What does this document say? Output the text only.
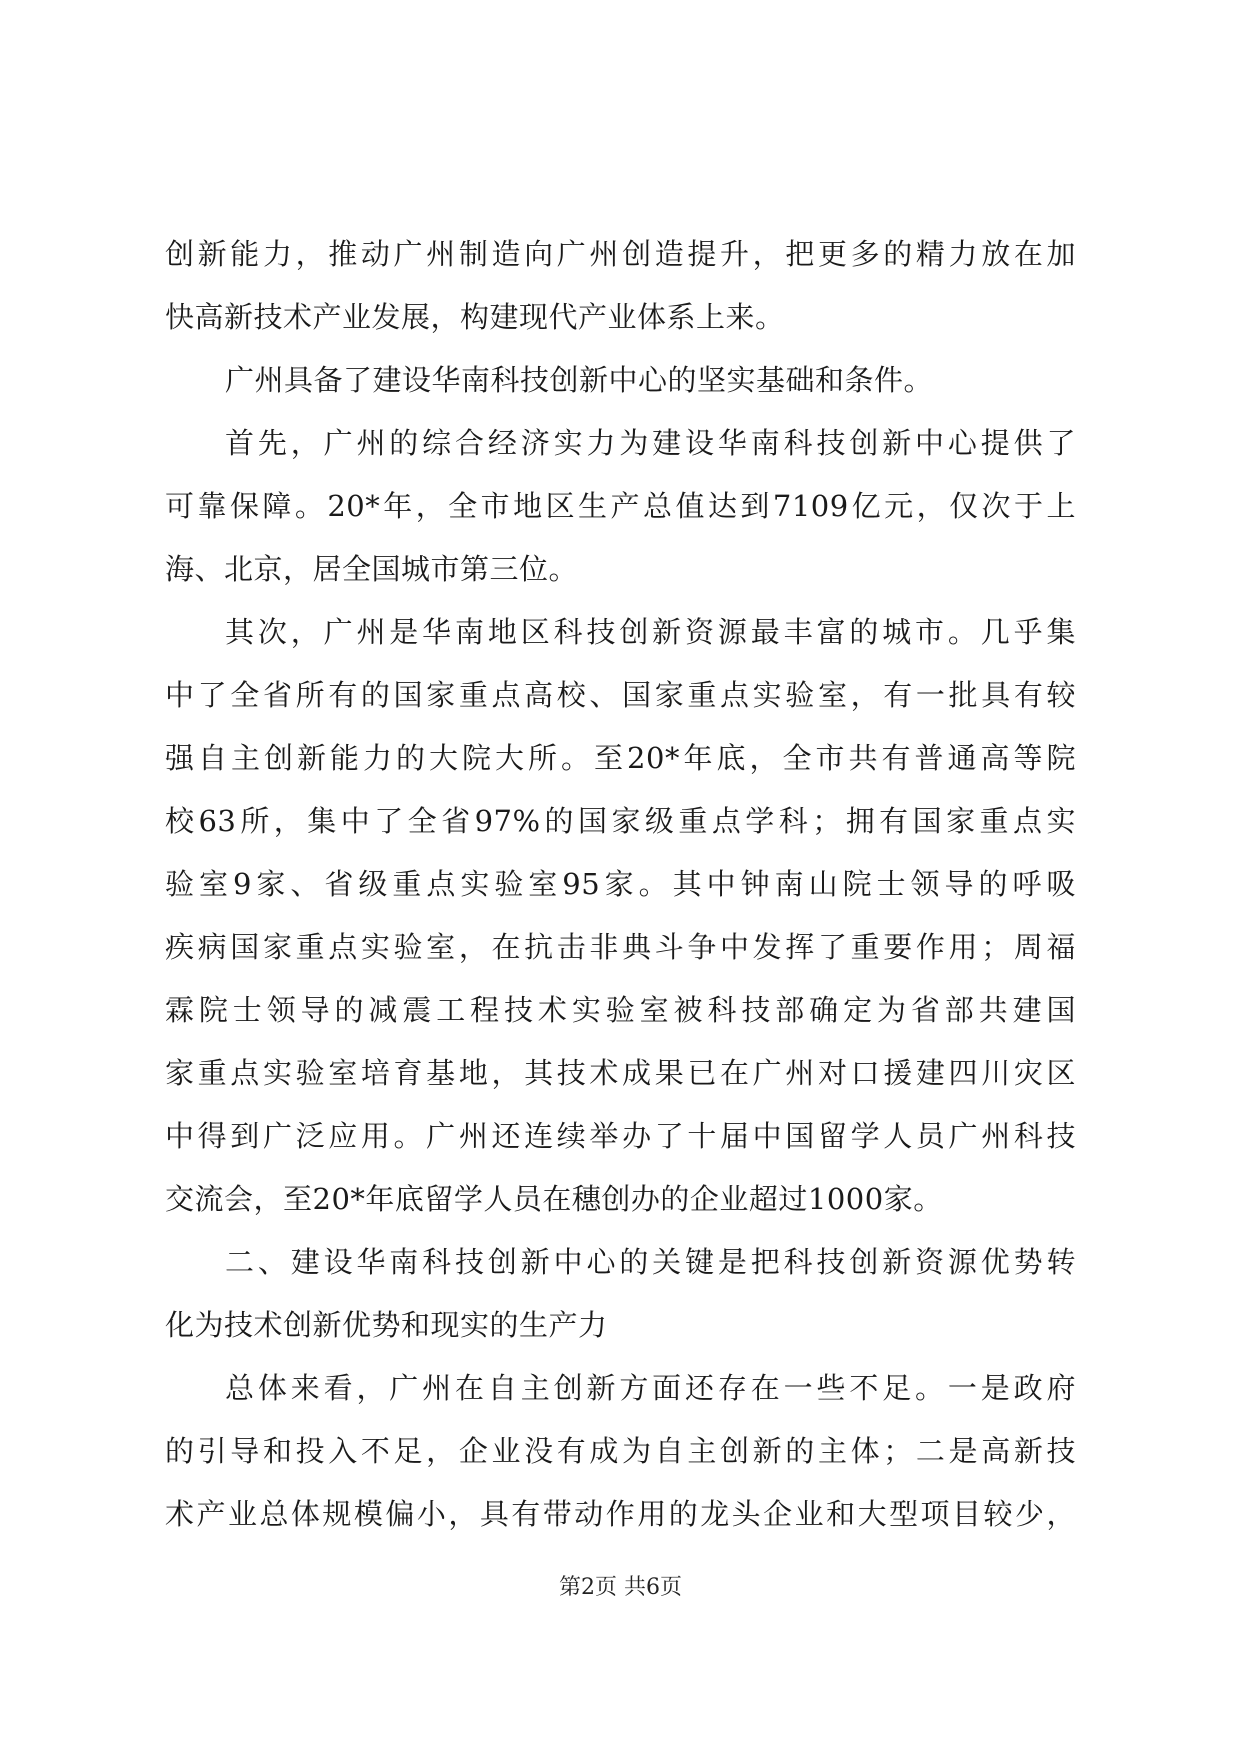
创新能力，推动广州制造向广州创造提升，把更多的精力放在加
快高新技术产业发展，构建现代产业体系上来。
广州具备了建设华南科技创新中心的坚实基础和条件。
首先，广州的综合经济实力为建设华南科技创新中心提供了
可靠保障。20*年，全市地区生产总值达到7109亿元，仅次于上
海、北京，居全国城市第三位。
其次，广州是华南地区科技创新资源最丰富的城市。几乎集
中了全省所有的国家重点高校、国家重点实验室，有一批具有较
强自主创新能力的大院大所。至20*年底，全市共有普通高等院
校63所，集中了全省97%的国家级重点学科；拥有国家重点实
验室9家、省级重点实验室95家。其中钟南山院士领导的呼吸
疾病国家重点实验室，在抗击非典斗争中发挥了重要作用；周福
霖院士领导的减震工程技术实验室被科技部确定为省部共建国
家重点实验室培育基地，其技术成果已在广州对口援建四川灾区
中得到广泛应用。广州还连续举办了十届中国留学人员广州科技
交流会，至20*年底留学人员在穗创办的企业超过1000家。
二、建设华南科技创新中心的关键是把科技创新资源优势转
化为技术创新优势和现实的生产力
总体来看，广州在自主创新方面还存在一些不足。一是政府
的引导和投入不足，企业没有成为自主创新的主体；二是高新技
术产业总体规模偏小，具有带动作用的龙头企业和大型项目较少，
第2页 共6页
